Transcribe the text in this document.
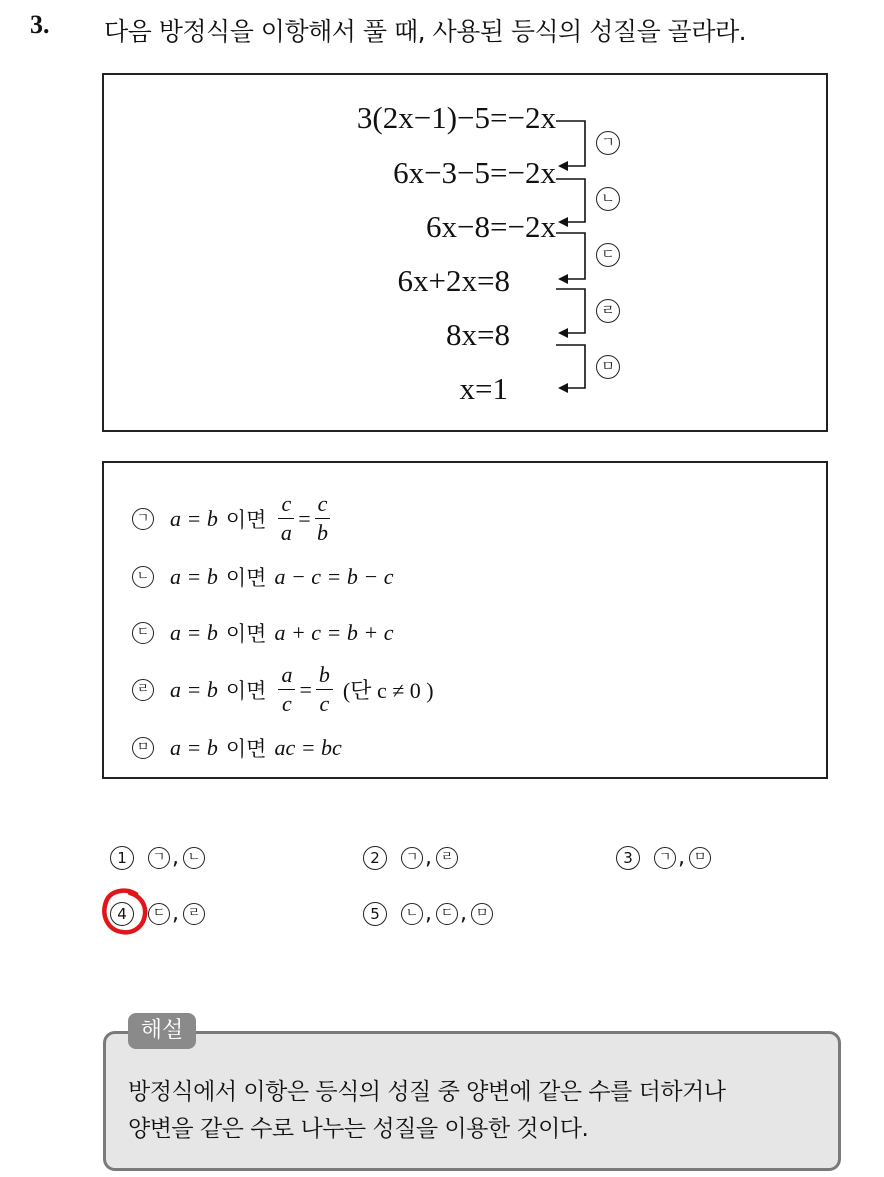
3. 다음 방정식을 이항해서 풀 때, 사용된 등식의 성질을 골라라.
3(2x−1)−5=−2x
6x−3−5=−2x
6x−8=−2x
6x+2x=8
8x=8
x=1
ㄱ
ㄴ
ㄷ
ㄹ
ㅁ
ㄱ a = b 이면 $\frac{c}{a} = \frac{c}{b}$
ㄴ a = b 이면 a − c = b − c
ㄷ a = b 이면 a + c = b + c
ㄹ a = b 이면 $\frac{a}{c} = \frac{b}{c}$ (단 c ≠ 0 )
ㅁ a = b 이면 ac = bc
1	ㄱ , ㄴ	2	ㄱ , ㄹ	3	ㄱ , ㅁ
4	ㄷ , ㄹ	5	ㄴ , ㄷ , ㅁ
해설
방정식에서 이항은 등식의 성질 중 양변에 같은 수를 더하거나
양변을 같은 수로 나누는 성질을 이용한 것이다.
